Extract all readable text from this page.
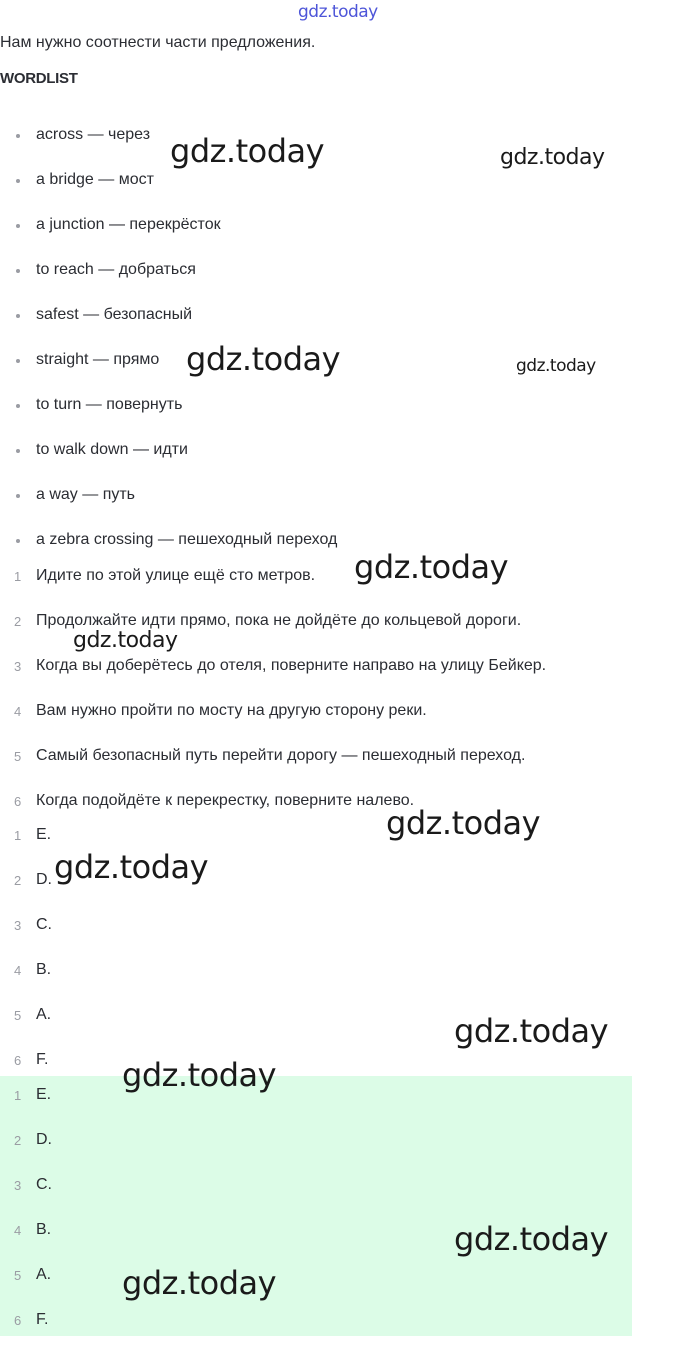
gdz.today
Нам нужно соотнести части предложения.
WORDLIST
across — через
a bridge — мост
a junction — перекрёсток
to reach — добраться
safest — безопасный
straight — прямо
to turn — повернуть
to walk down — идти
a way — путь
a zebra crossing — пешеходный переход
1 Идите по этой улице ещё сто метров.
2 Продолжайте идти прямо, пока не дойдёте до кольцевой дороги.
3 Когда вы доберётесь до отеля, поверните направо на улицу Бейкер.
4 Вам нужно пройти по мосту на другую сторону реки.
5 Самый безопасный путь перейти дорогу — пешеходный переход.
6 Когда подойдёте к перекрестку, поверните налево.
1 E.
2 D.
3 C.
4 B.
5 A.
6 F.
1 E.
2 D.
3 C.
4 B.
5 A.
6 F.
gdz.today	gdz.today
gdz.today	gdz.today
gdz.today
gdz.today
gdz.today
gdz.today
gdz.today
gdz.today
gdz.today
gdz.today
